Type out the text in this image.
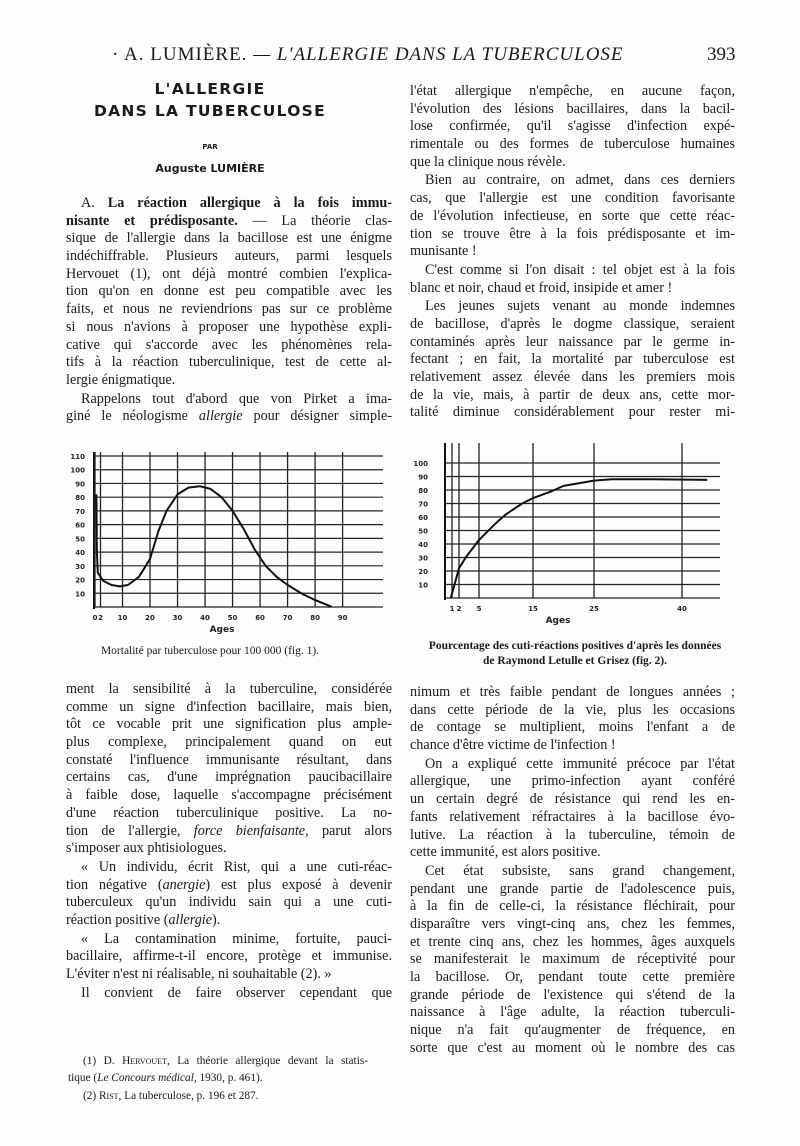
· A. LUMIÈRE. — L'ALLERGIE DANS LA TUBERCULOSE	393
L'ALLERGIE
DANS LA TUBERCULOSE
PAR
Auguste LUMIÈRE
A. La réaction allergique à la fois immu-
nisante et prédisposante. — La théorie clas-
sique de l'allergie dans la bacillose est une énigme
indéchiffrable. Plusieurs auteurs, parmi lesquels
Hervouet (1), ont déjà montré combien l'explica-
tion qu'on en donne est peu compatible avec les
faits, et nous ne reviendrions pas sur ce problème
si nous n'avions à proposer une hypothèse expli-
cative qui s'accorde avec les phénomènes rela-
tifs à la réaction tuberculinique, test de cette al-
lergie énigmatique.
Rappelons tout d'abord que von Pirket a ima-
giné le néologisme allergie pour désigner simple-
l'état allergique n'empêche, en aucune façon,
l'évolution des lésions bacillaires, dans la bacil-
lose confirmée, qu'il s'agisse d'infection expé-
rimentale ou des formes de tuberculose humaines
que la clinique nous révèle.
Bien au contraire, on admet, dans ces derniers
cas, que l'allergie est une condition favorisante
de l'évolution infectieuse, en sorte que cette réac-
tion se trouve être à la fois prédisposante et im-
munisante !
C'est comme si l'on disait : tel objet est à la fois
blanc et noir, chaud et froid, insipide et amer !
Les jeunes sujets venant au monde indemnes
de bacillose, d'après le dogme classique, seraient
contaminés après leur naissance par le germe in-
fectant ; en fait, la mortalité par tuberculose est
relativement assez élevée dans les premiers mois
de la vie, mais, à partir de deux ans, cette mor-
talité diminue considérablement pour rester mi-
ment la sensibilité à la tuberculine, considérée
comme un signe d'infection bacillaire, mais bien,
tôt ce vocable prit une signification plus ample-
plus complexe, principalement quand on eut
constaté l'influence immunisante résultant, dans
certains cas, d'une imprégnation paucibacillaire
à faible dose, laquelle s'accompagne précisément
d'une réaction tuberculinique positive. La no-
tion de l'allergie, force bienfaisante, parut alors
s'imposer aux phtisiologues.
« Un individu, écrit Rist, qui a une cuti-réac-
tion négative (anergie) est plus exposé à devenir
tuberculeux qu'un individu sain qui a une cuti-
réaction positive (allergie).
« La contamination minime, fortuite, pauci-
bacillaire, affirme-t-il encore, protège et immunise.
L'éviter n'est ni réalisable, ni souhaitable (2). »
Il convient de faire observer cependant que
nimum et très faible pendant de longues années ;
dans cette période de la vie, plus les occasions
de contage se multiplient, moins l'enfant a de
chance d'être victime de l'infection !
On a expliqué cette immunité précoce par l'état
allergique, une primo-infection ayant conféré
un certain degré de résistance qui rend les en-
fants relativement réfractaires à la bacillose évo-
lutive. La réaction à la tuberculine, témoin de
cette immunité, est alors positive.
Cet état subsiste, sans grand changement,
pendant une grande partie de l'adolescence puis,
à la fin de celle-ci, la résistance fléchirait, pour
disparaître vers vingt-cinq ans, chez les femmes,
et trente cinq ans, chez les hommes, âges auxquels
se manifesterait le maximum de réceptivité pour
la bacillose. Or, pendant toute cette première
grande période de l'existence qui s'étend de la
naissance à l'âge adulte, la réaction tuberculi-
nique n'a fait qu'augmenter de fréquence, en
sorte que c'est au moment où le nombre des cas
(1) D. Hervouet, La théorie allergique devant la statis-
tique (Le Concours médical, 1930, p. 461).
(2) Rist, La tuberculose, p. 196 et 287.
10
20
30
40
50
60
70
80
90
100
110
0 2 10	20	30	40	50	60	70	80	90
Ages
10
20
30
40
50
60
70
80
90
100
1 2 5	15	25	40
Ages
Mortalité par tuberculose pour 100 000 (fig. 1).	Pourcentage des cuti-réactions positives d'après les données
de Raymond Letulle et Grisez (fig. 2).
